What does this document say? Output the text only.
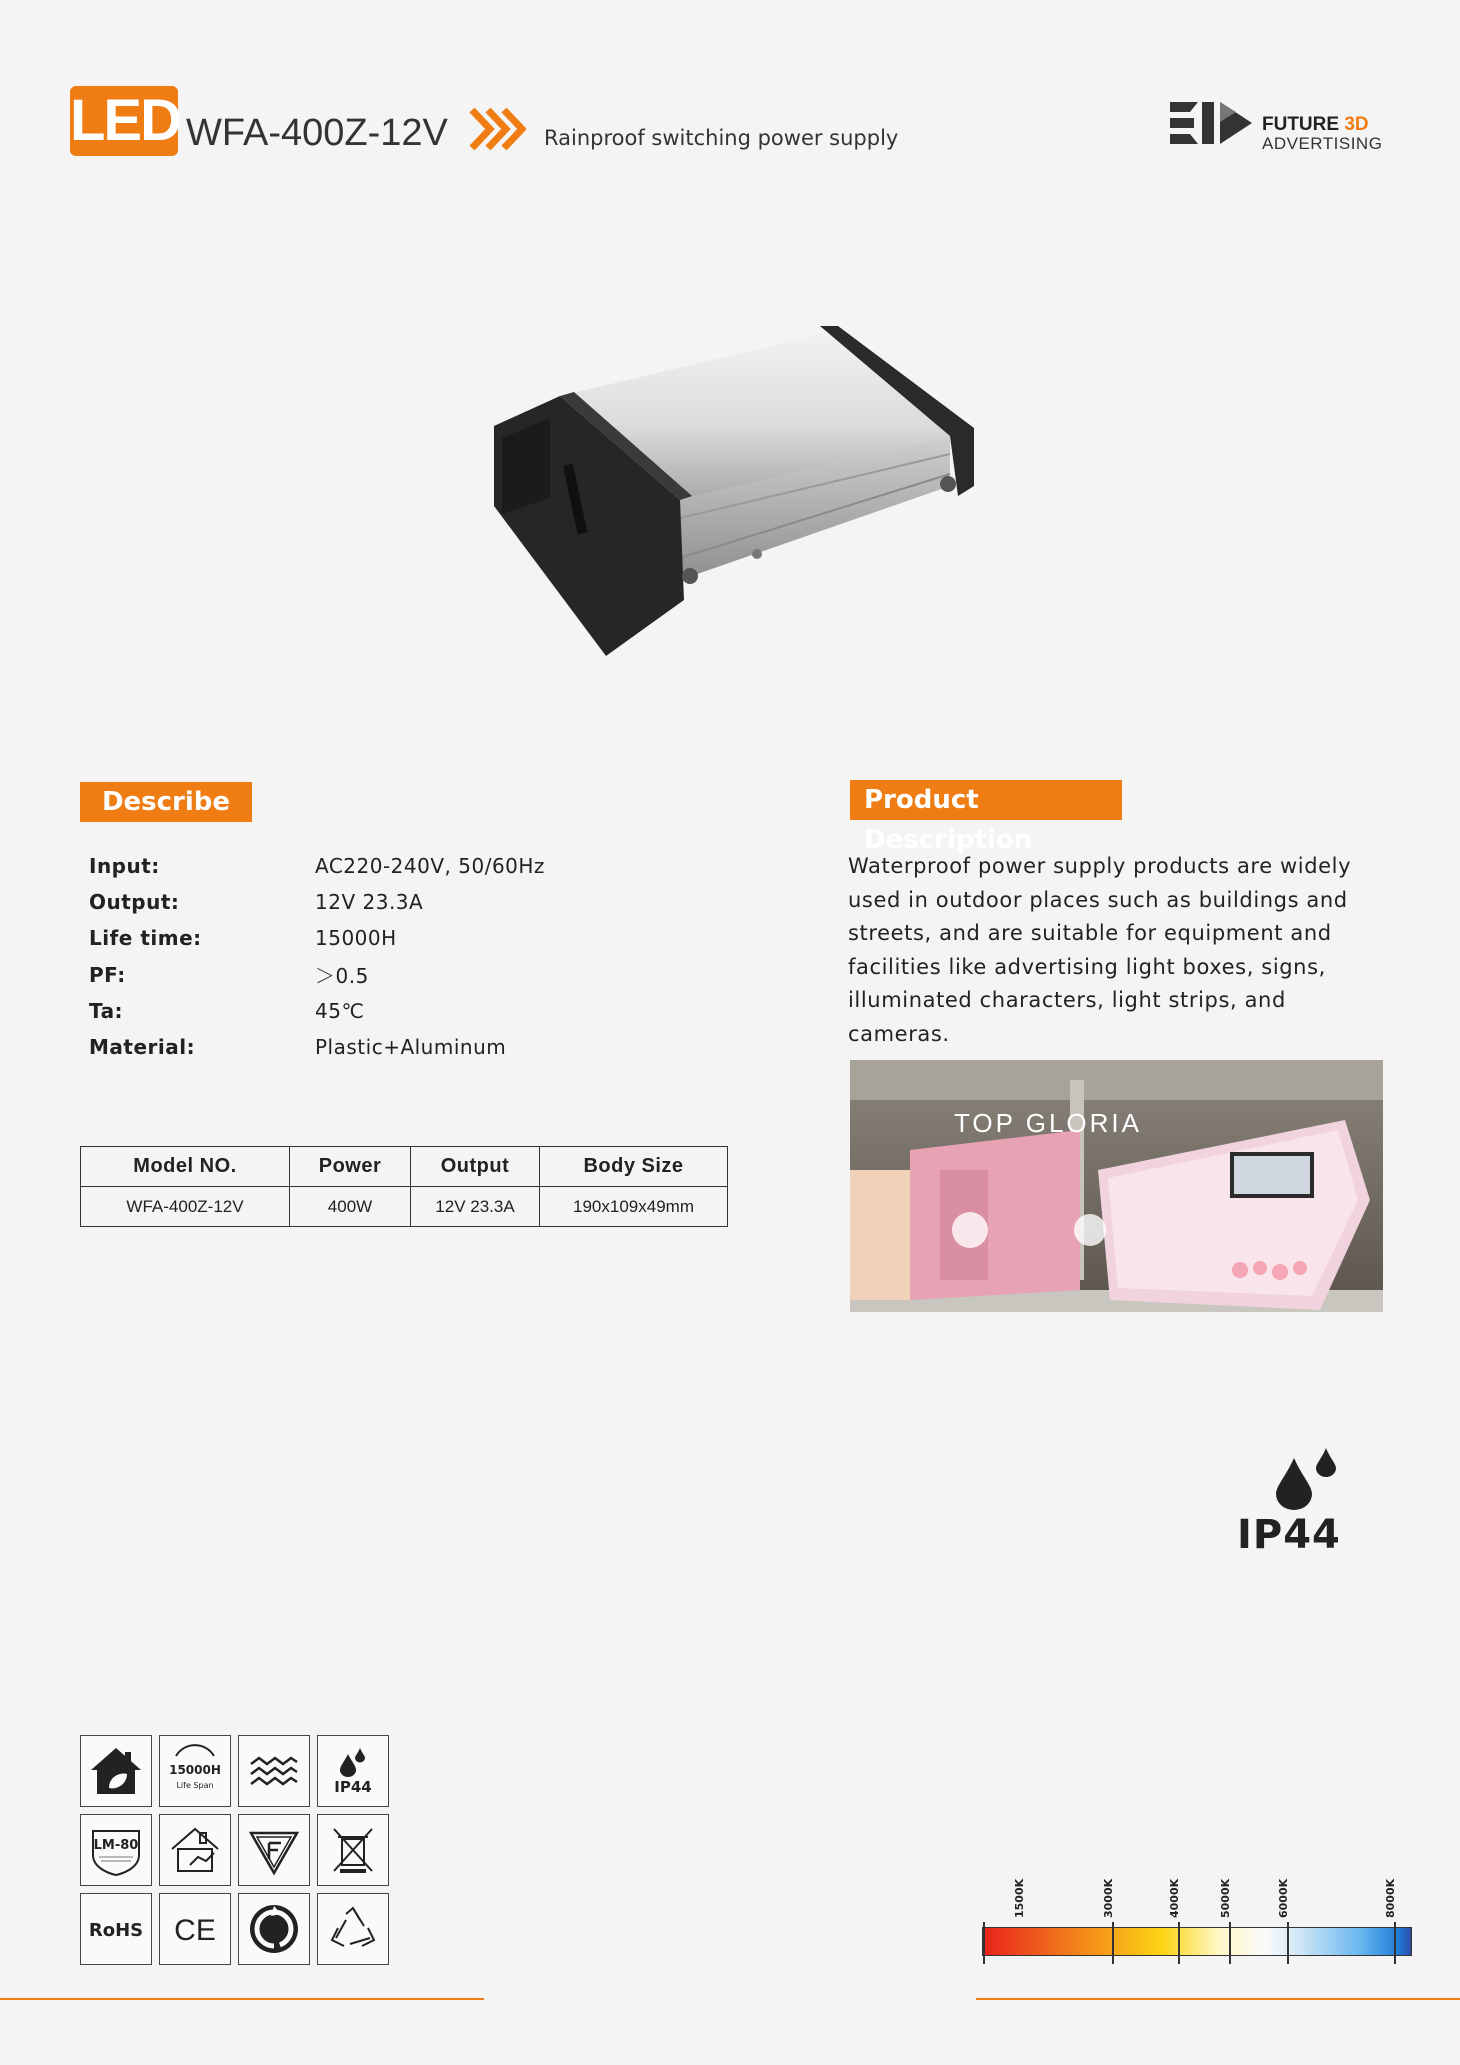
LED WFA-400Z-12V	Rainproof switching power supply
FUTURE 3D
ADVERTISING
Describe
Input:	AC220-240V, 50/60Hz
Output:	12V 23.3A
Life time:	15000H
PF:	＞0.5
Ta:	45℃
Material:	Plastic+Aluminum
Model NO.	Power	Output	Body Size
WFA-400Z-12V	400W	12V 23.3A	190x109x49mm
Product Description
Waterproof power supply products are widely used in outdoor places such as buildings and streets, and are suitable for equipment and facilities like advertising light boxes, signs, illuminated characters, light strips, and cameras.
TOP GLORIA
IP44
15000H
Life Span	IP44
LM-80
RoHS CE
1500K	3000K	4000K	5000K	6000K	8000K
